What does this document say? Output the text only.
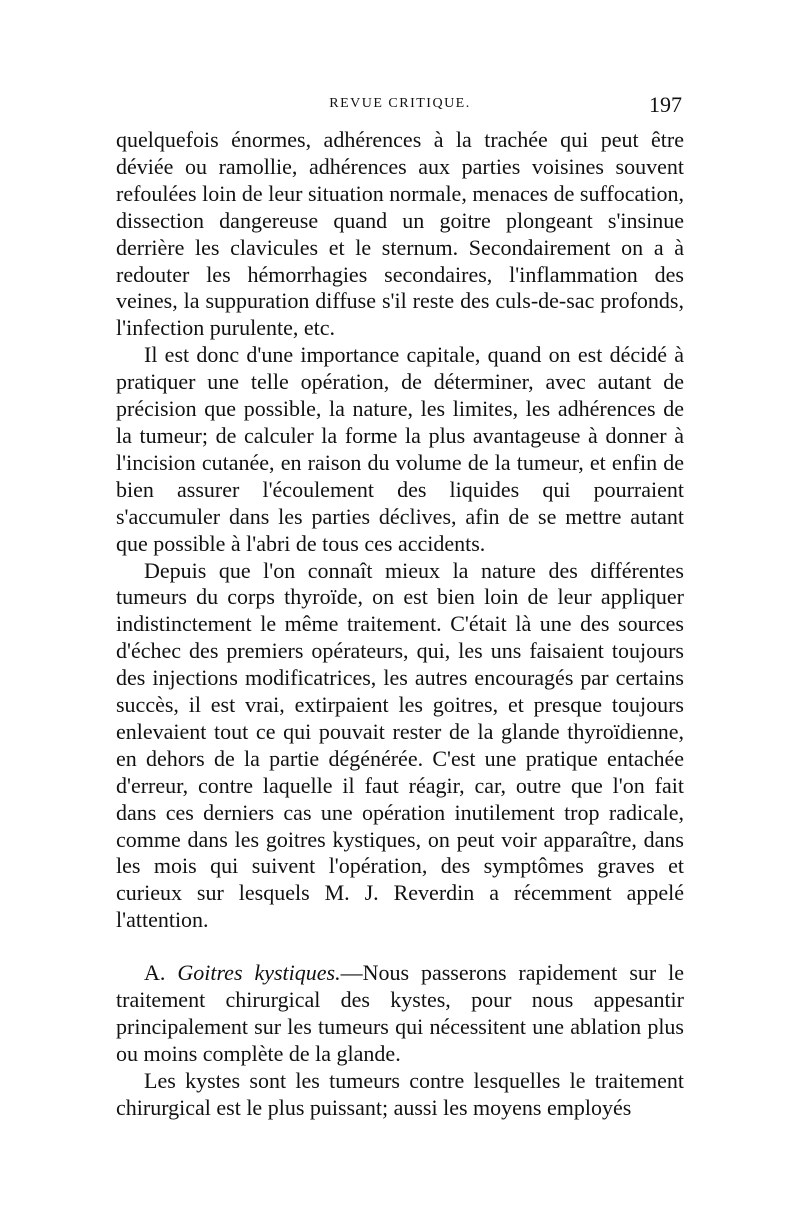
REVUE CRITIQUE.	197

quelquefois énormes, adhérences à la trachée qui peut être déviée ou ramollie, adhérences aux parties voisines souvent refoulées loin de leur situation normale, menaces de suffocation, dissection dangereuse quand un goitre plongeant s'insinue derrière les clavicules et le sternum. Secondairement on a à redouter les hémorrhagies secondaires, l'inflammation des veines, la suppuration diffuse s'il reste des culs-de-sac profonds, l'infection purulente, etc.

Il est donc d'une importance capitale, quand on est décidé à pratiquer une telle opération, de déterminer, avec autant de précision que possible, la nature, les limites, les adhérences de la tumeur; de calculer la forme la plus avantageuse à donner à l'incision cutanée, en raison du volume de la tumeur, et enfin de bien assurer l'écoulement des liquides qui pourraient s'accumuler dans les parties déclives, afin de se mettre autant que possible à l'abri de tous ces accidents.

Depuis que l'on connaît mieux la nature des différentes tumeurs du corps thyroïde, on est bien loin de leur appliquer indistinctement le même traitement. C'était là une des sources d'échec des premiers opérateurs, qui, les uns faisaient toujours des injections modificatrices, les autres encouragés par certains succès, il est vrai, extirpaient les goitres, et presque toujours enlevaient tout ce qui pouvait rester de la glande thyroïdienne, en dehors de la partie dégénérée. C'est une pratique entachée d'erreur, contre laquelle il faut réagir, car, outre que l'on fait dans ces derniers cas une opération inutilement trop radicale, comme dans les goitres kystiques, on peut voir apparaître, dans les mois qui suivent l'opération, des symptômes graves et curieux sur lesquels M. J. Reverdin a récemment appelé l'attention.

A. Goitres kystiques.—Nous passerons rapidement sur le traitement chirurgical des kystes, pour nous appesantir principalement sur les tumeurs qui nécessitent une ablation plus ou moins complète de la glande.

Les kystes sont les tumeurs contre lesquelles le traitement chirurgical est le plus puissant; aussi les moyens employés
